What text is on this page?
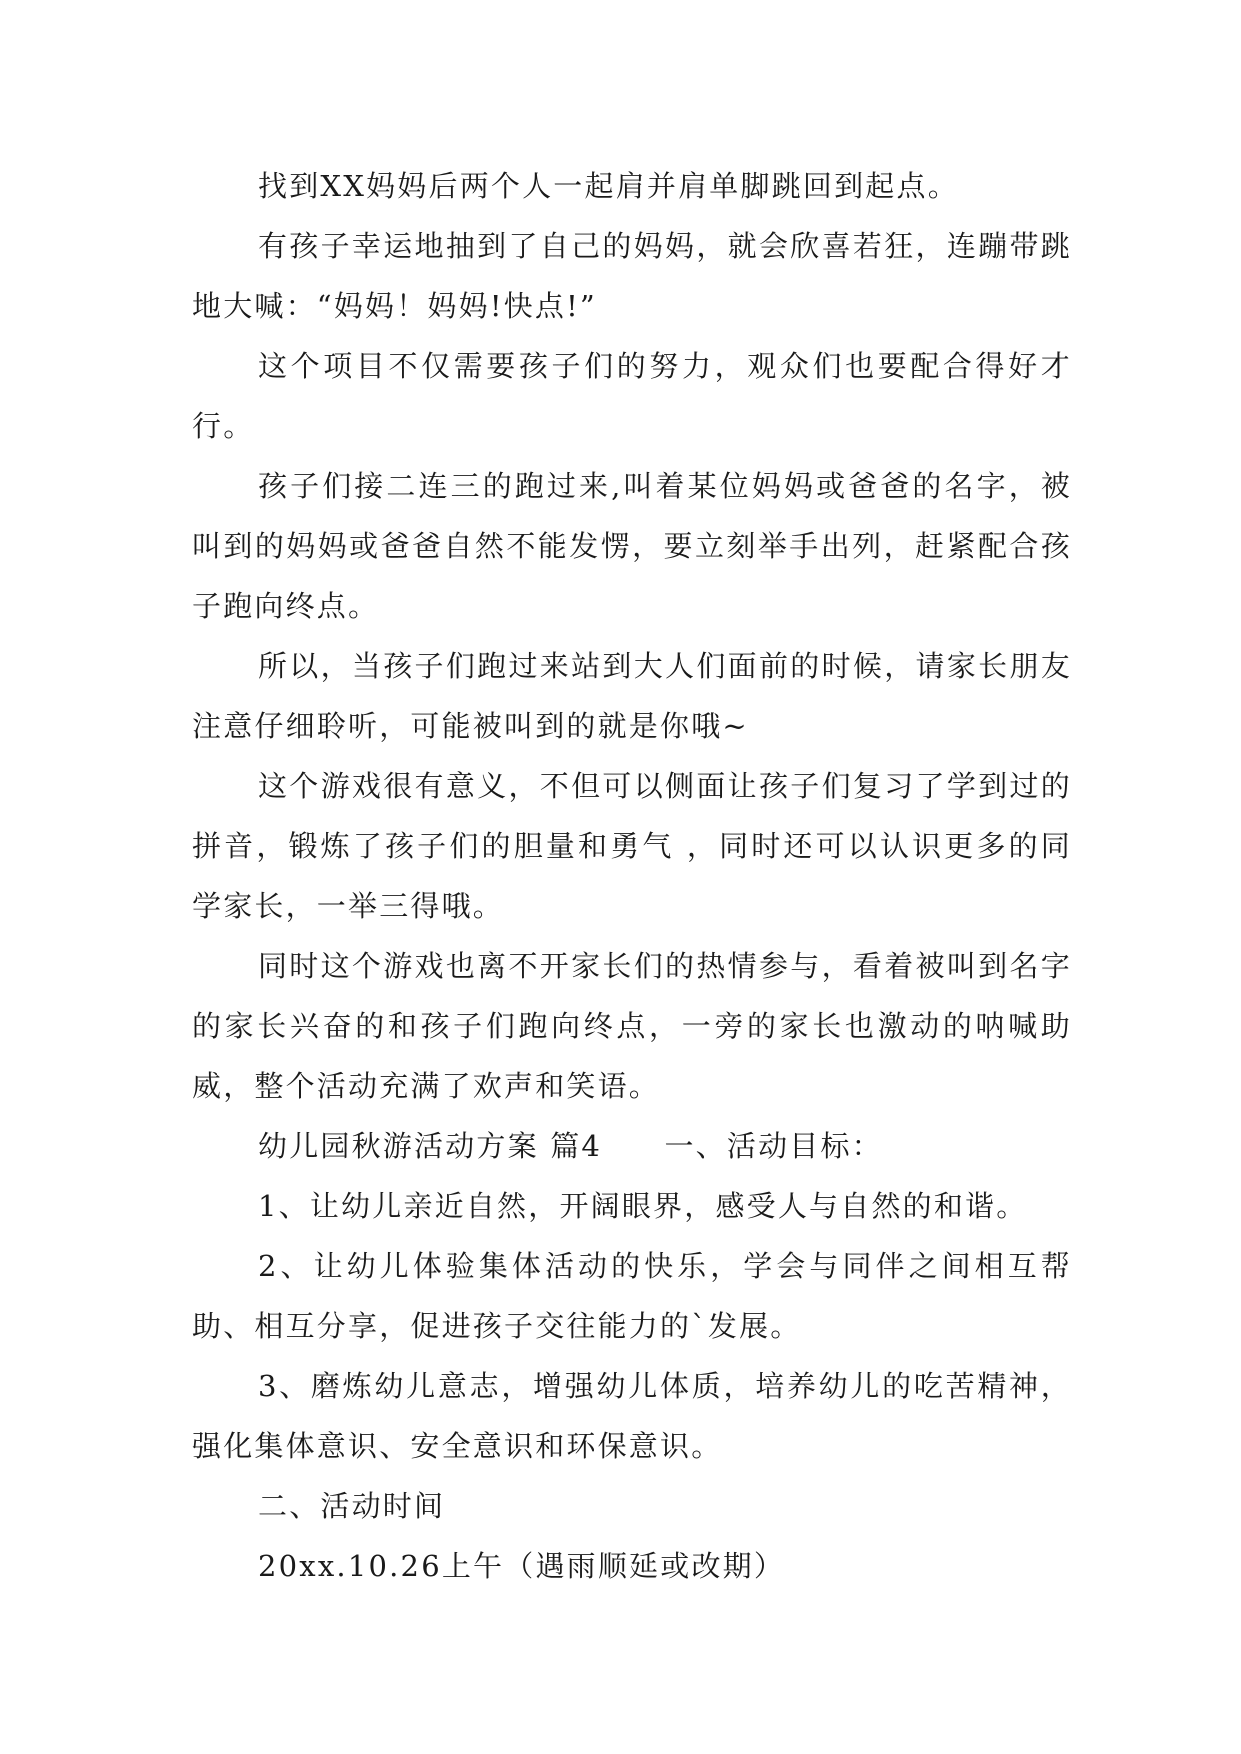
找到XX妈妈后两个人一起肩并肩单脚跳回到起点。

有孩子幸运地抽到了自己的妈妈，就会欣喜若狂，连蹦带跳地大喊：“妈妈！妈妈!快点!”

这个项目不仅需要孩子们的努力，观众们也要配合得好才行。

孩子们接二连三的跑过来,叫着某位妈妈或爸爸的名字，被叫到的妈妈或爸爸自然不能发愣，要立刻举手出列，赶紧配合孩子跑向终点。

所以，当孩子们跑过来站到大人们面前的时候，请家长朋友注意仔细聆听，可能被叫到的就是你哦~

这个游戏很有意义，不但可以侧面让孩子们复习了学到过的拼音，锻炼了孩子们的胆量和勇气 ，同时还可以认识更多的同学家长，一举三得哦。

同时这个游戏也离不开家长们的热情参与，看着被叫到名字的家长兴奋的和孩子们跑向终点，一旁的家长也激动的呐喊助威，整个活动充满了欢声和笑语。

幼儿园秋游活动方案 篇4　　一、活动目标：

1、让幼儿亲近自然，开阔眼界，感受人与自然的和谐。

2、让幼儿体验集体活动的快乐，学会与同伴之间相互帮助、相互分享，促进孩子交往能力的`发展。

3、磨炼幼儿意志，增强幼儿体质，培养幼儿的吃苦精神，强化集体意识、安全意识和环保意识。

二、活动时间

20xx.10.26上午（遇雨顺延或改期）
